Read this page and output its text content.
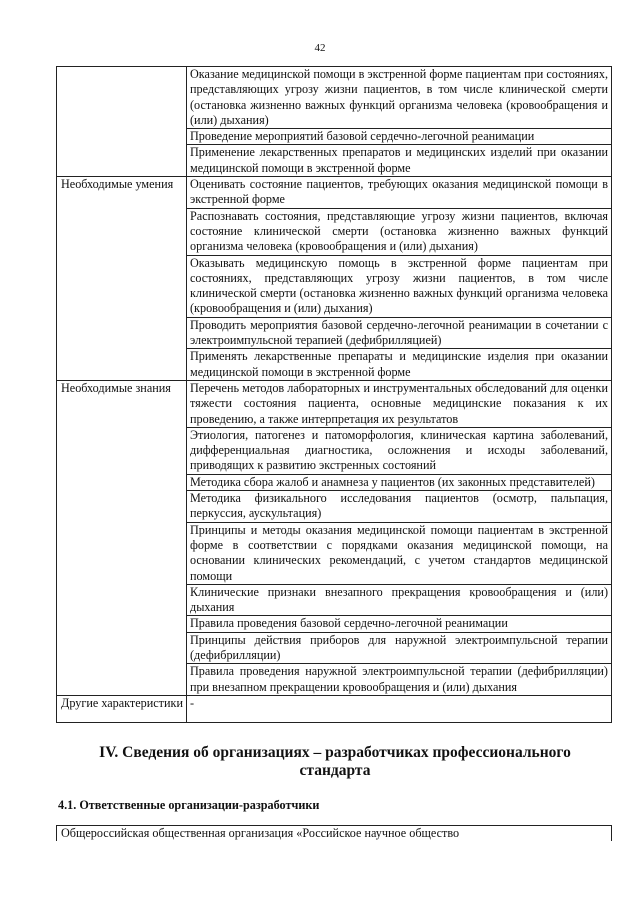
42
	Оказание медицинской помощи в экстренной форме пациентам при состояниях, представляющих угрозу жизни пациентов, в том числе клинической смерти (остановка жизненно важных функций организма человека (кровообращения и (или) дыхания)
	Проведение мероприятий базовой сердечно-легочной реанимации
	Применение лекарственных препаратов и медицинских изделий при оказании медицинской помощи в экстренной форме
Необходимые умения	Оценивать состояние пациентов, требующих оказания медицинской помощи в экстренной форме
	Распознавать состояния, представляющие угрозу жизни пациентов, включая состояние клинической смерти (остановка жизненно важных функций организма человека (кровообращения и (или) дыхания)
	Оказывать медицинскую помощь в экстренной форме пациентам при состояниях, представляющих угрозу жизни пациентов, в том числе клинической смерти (остановка жизненно важных функций организма человека (кровообращения и (или) дыхания)
	Проводить мероприятия базовой сердечно-легочной реанимации в сочетании с электроимпульсной терапией (дефибрилляцией)
	Применять лекарственные препараты и медицинские изделия при оказании медицинской помощи в экстренной форме
Необходимые знания	Перечень методов лабораторных и инструментальных обследований для оценки тяжести состояния пациента, основные медицинские показания к их проведению, а также интерпретация их результатов
	Этиология, патогенез и патоморфология, клиническая картина заболеваний, дифференциальная диагностика, осложнения и исходы заболеваний, приводящих к развитию экстренных состояний
	Методика сбора жалоб и анамнеза у пациентов (их законных представителей)
	Методика физикального исследования пациентов (осмотр, пальпация, перкуссия, аускультация)
	Принципы и методы оказания медицинской помощи пациентам в экстренной форме в соответствии с порядками оказания медицинской помощи, на основании клинических рекомендаций, с учетом стандартов медицинской помощи
	Клинические признаки внезапного прекращения кровообращения и (или) дыхания
	Правила проведения базовой сердечно-легочной реанимации
	Принципы действия приборов для наружной электроимпульсной терапии (дефибрилляции)
	Правила проведения наружной электроимпульсной терапии (дефибрилляции) при внезапном прекращении кровообращения и (или) дыхания
Другие характеристики	-
IV. Сведения об организациях – разработчиках профессионального стандарта
4.1. Ответственные организации-разработчики
Общероссийская общественная организация «Российское научное общество
